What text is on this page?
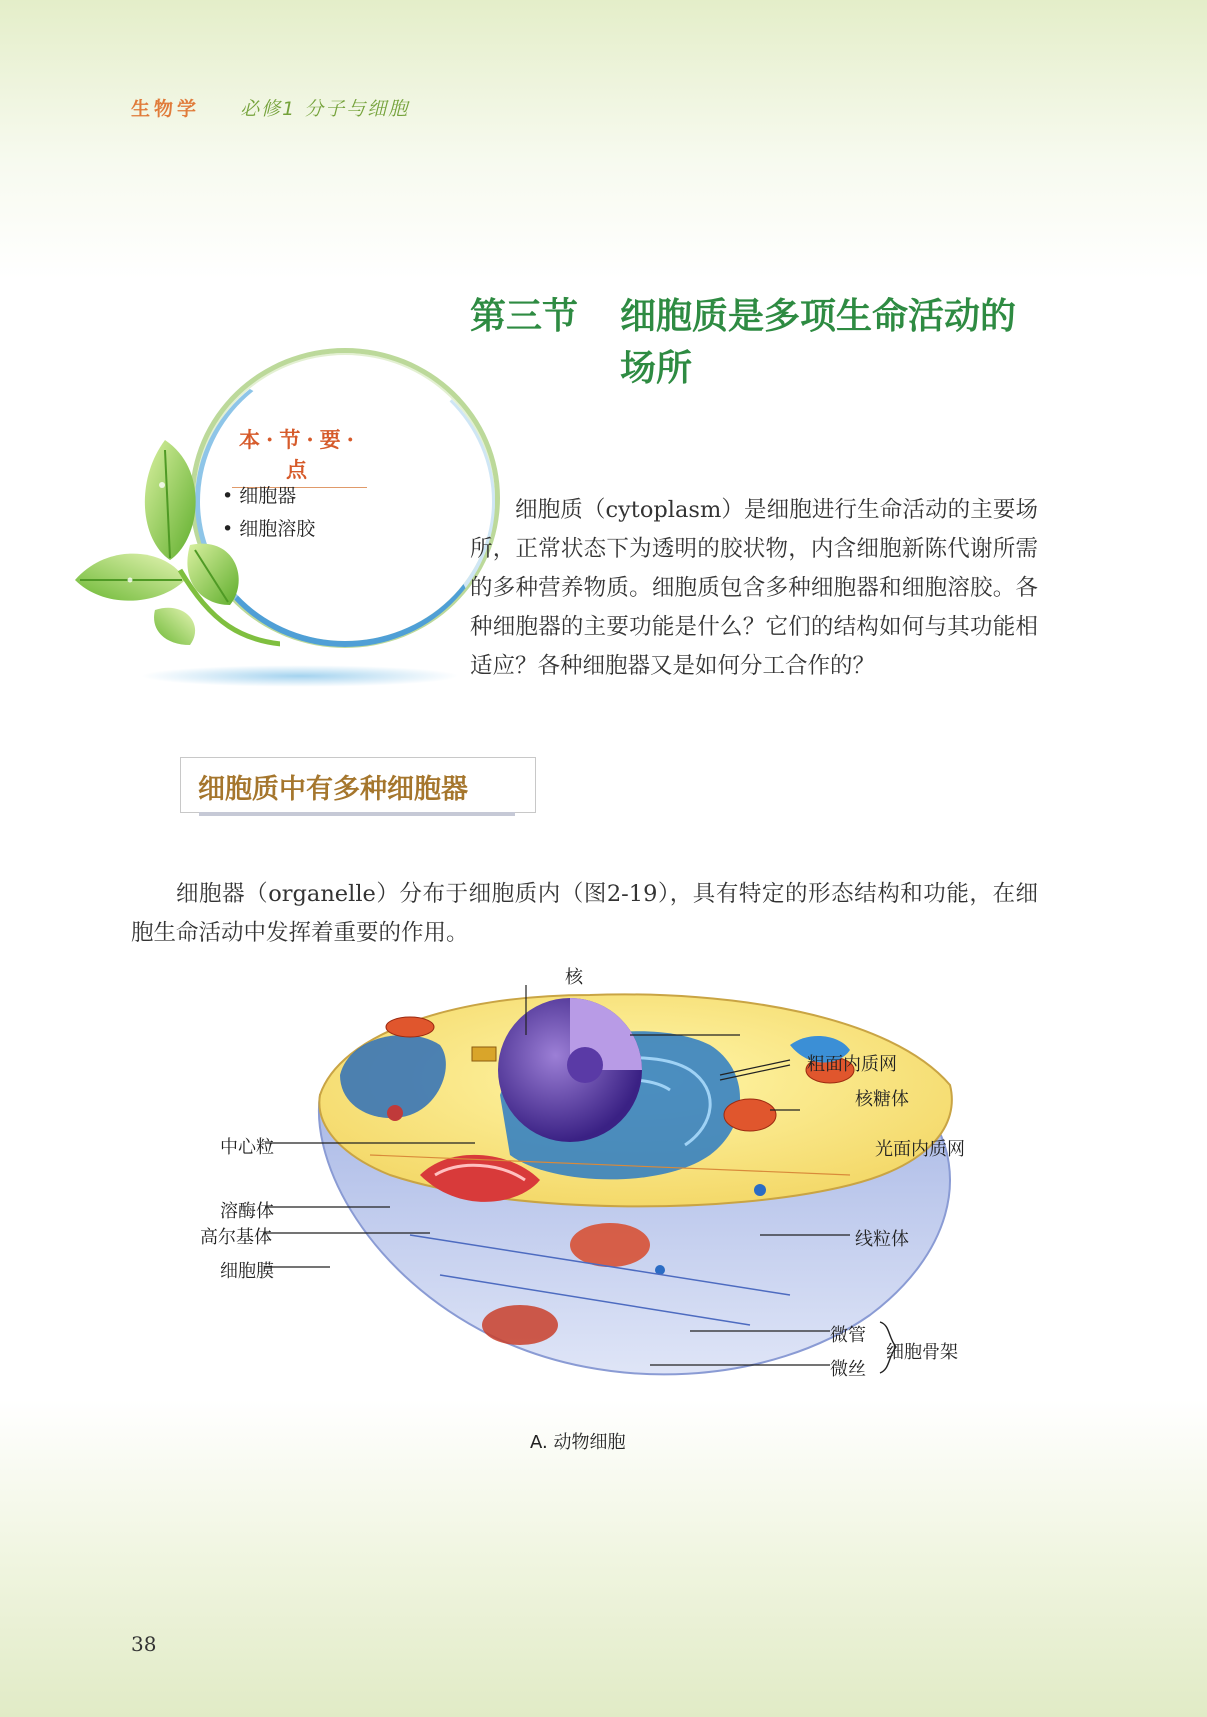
生物学 必修1 分子与细胞
第三节 细胞质是多项生命活动的
场所
本·节·要·点
• 细胞器
• 细胞溶胶

细胞质（cytoplasm）是细胞进行生命活动的主要场所，正常状态下为透明的胶状物，内含细胞新陈代谢所需的多种营养物质。细胞质包含多种细胞器和细胞溶胶。各种细胞器的主要功能是什么？它们的结构如何与其功能相适应？各种细胞器又是如何分工合作的？

细胞质中有多种细胞器

细胞器（organelle）分布于细胞质内（图2-19），具有特定的形态结构和功能，在细胞生命活动中发挥着重要的作用。

核
粗面内质网
核糖体
光面内质网
中心粒
溶酶体
高尔基体
细胞膜
线粒体
微管
微丝
细胞骨架
A. 动物细胞
38
